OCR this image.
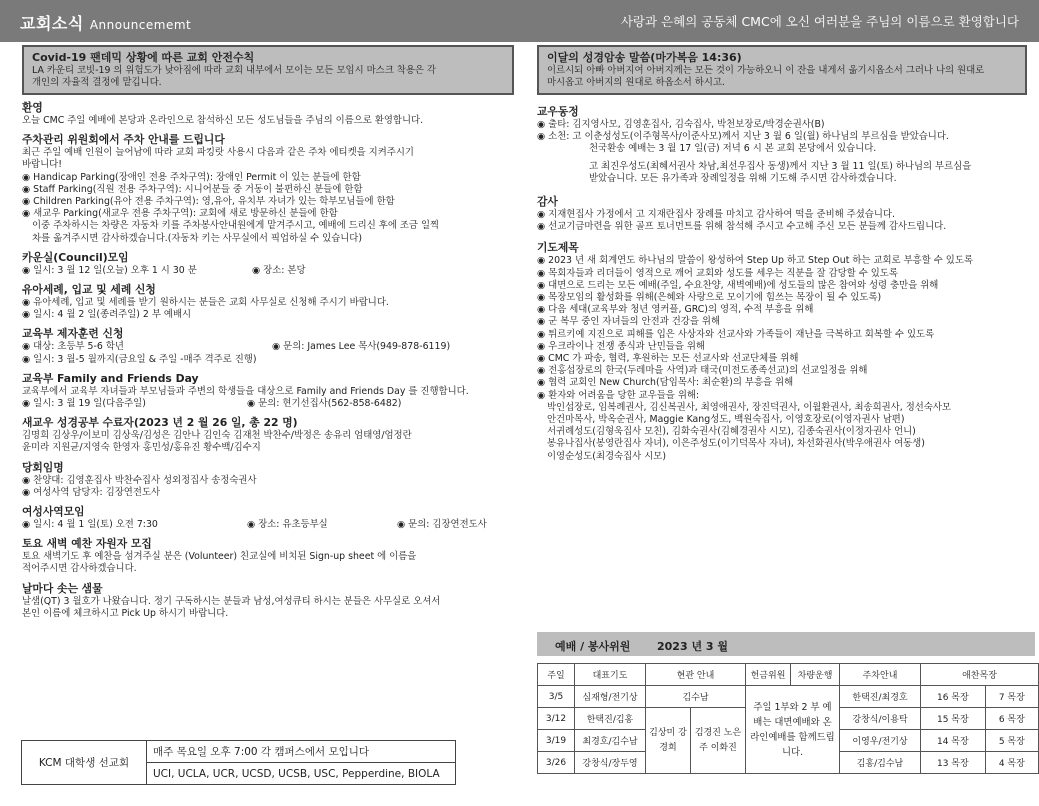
교회소식 Announcememt	사랑과 은혜의 공동체 CMC에 오신 여러분을 주님의 이름으로 환영합니다
Covid-19 팬데믹 상황에 따른 교회 안전수칙
LA 카운티 코빗-19 의 위험도가 낮아짐에 따라 교회 내부에서 모이는 모든 모임시 마스크 착용은 각
개인의 자율적 결정에 맡깁니다.
환영
오늘 CMC 주일 예배에 본당과 온라인으로 참석하신 모든 성도님들을 주님의 이름으로 환영합니다.
주차관리 위원회에서 주차 안내를 드립니다
최근 주일 예배 인원이 늘어남에 따라 교회 파킹랏 사용시 다음과 같은 주차 에티켓을 지켜주시기
바랍니다!
◉ Handicap Parking(장애인 전용 주차구역): 장애인 Permit 이 있는 분들에 한함
◉ Staff Parking(직원 전용 주차구역): 시니어분들 중 거동이 불편하신 분들에 한함
◉ Children Parking(유아 전용 주차구역): 영,유아, 유치부 자녀가 있는 학부모님들에 한함
◉ 새교우 Parking(새교우 전용 주차구역): 교회에 새로 방문하신 분들에 한함
이중 주차하시는 차량은 자동차 키를 주차봉사안내원에게 맡겨주시고, 예배에 드리신 후에 조금 일찍
차를 옮겨주시면 감사하겠습니다.(자동차 키는 사무실에서 픽업하실 수 있습니다)
카운실(Council)모임
◉ 일시: 3 월 12 일(오늘) 오후 1 시 30 분	◉ 장소: 본당
유아세례, 입교 및 세례 신청
◉ 유아세례, 입교 및 세례를 받기 원하시는 분들은 교회 사무실로 신청해 주시기 바랍니다.
◉ 일시: 4 월 2 일(종려주일) 2 부 예배시
교육부 제자훈련 신청
◉ 대상: 초등부 5-6 학년	◉ 문의: James Lee 목사(949-878-6119)
◉ 일시: 3 월-5 월까지(금요일 & 주일 -매주 격주로 진행)
교육부 Family and Friends Day
교육부에서 교육부 자녀들과 부모님들과 주변의 학생들을 대상으로 Family and Friends Day 를 진행합니다.
◉ 일시: 3 월 19 일(다음주일)	◉ 문의: 현기선집사(562-858-6482)
새교우 성경공부 수료자(2023 년 2 월 26 일, 총 22 명)
김명희 김상우/이보미 김상욱/김성은 김안나 김인숙 김재천 박찬수/박정은 송유리 엄태영/엄정란
윤미라 지원균/지영숙 한영자 홍민성/홍유진 황수백/김수지
당회임명
◉ 찬양대: 김영훈집사 박찬수집사 성외정집사 송정숙권사
◉ 여성사역 담당자: 김장연전도사
여성사역모임
◉ 일시: 4 월 1 일(토) 오전 7:30	◉ 장소: 유초등부실	◉ 문의: 김장연전도사
토요 새벽 예찬 자원자 모집
토요 새벽기도 후 예찬을 섬겨주실 분은 (Volunteer) 친교실에 비치된 Sign-up sheet 에 이름을
적어주시면 감사하겠습니다.
날마다 솟는 샘물
날샘(QT) 3 월호가 나왔습니다. 정기 구독하시는 분들과 남성,여성큐티 하시는 분들은 사무실로 오셔서
본인 이름에 체크하시고 Pick Up 하시기 바랍니다.
KCM 대학생 선교회	매주 목요일 오후 7:00 각 캠퍼스에서 모입니다
UCI, UCLA, UCR, UCSD, UCSB, USC, Pepperdine, BIOLA
이달의 성경암송 말씀(마가복음 14:36)
이르시되 아빠 아버지여 아버지께는 모든 것이 가능하오니 이 잔을 내게서 옮기시옵소서 그러나 나의 원대로
마시옵고 아버지의 원대로 하옵소서 하시고.
교우동정
◉ 출타: 김지영사모, 김영훈집사, 김숙집사, 박천보장로/박경순권사(B)
◉ 소천: 고 이춘성성도(이주형목사/이준사모)께서 지난 3 월 6 일(월) 하나님의 부르심을 받았습니다.
천국환송 예배는 3 월 17 일(금) 저녁 6 시 본 교회 본당에서 있습니다.
고 최진우성도(최혜서권사 차남,최선우집사 동생)께서 지난 3 월 11 일(토) 하나님의 부르심을
받았습니다. 모든 유가족과 장례일정을 위해 기도해 주시면 감사하겠습니다.
감사
◉ 지재현집사 가정에서 고 지재란집사 장례를 마치고 감사하여 떡을 준비해 주셨습니다.
◉ 선교기금마련을 위한 골프 토너먼트를 위해 참석해 주시고 수고해 주신 모든 분들께 감사드립니다.
기도제목
◉ 2023 년 새 회계연도 하나님의 말씀이 왕성하여 Step Up 하고 Step Out 하는 교회로 부흥할 수 있도록
◉ 목회자들과 리더들이 영적으로 깨어 교회와 성도를 세우는 직분을 잘 감당할 수 있도록
◉ 대면으로 드리는 모든 예배(주일, 수요찬양, 새벽예배)에 성도들의 많은 참여와 성령 충만을 위해
◉ 목장모임의 활성화를 위해(은혜와 사랑으로 모이기에 힘쓰는 목장이 될 수 있도록)
◉ 다음 세대(교육부와 청년 영커플, GRC)의 영적, 수적 부흥을 위해
◉ 군 복무 중인 자녀들의 안전과 건강을 위해
◉ 튀르키예 지진으로 피해를 입은 사상자와 선교사와 가족들이 재난을 극복하고 회복할 수 있도록
◉ 우크라이나 전쟁 종식과 난민들을 위해
◉ CMC 가 파송, 협력, 후원하는 모든 선교사와 선교단체를 위해
◉ 전홍섭장로의 한국(두레마을 사역)과 태국(미전도종족선교)의 선교일정을 위해
◉ 협력 교회인 New Church(담임목사: 최순환)의 부흥을 위해
◉ 환자와 어려움을 당한 교우들을 위해:
박인섭장로, 임복례권사, 김신복권사, 최영애권사, 장진덕권사, 이월환권사, 최송희권사, 정선숙사모
안건마목사, 박옥순권사, Maggie Kang성도, 백원숙집사, 이영호장로(이영자권사 남편)
서귀례성도(김형욱집사 모친), 김화숙권사(김혜경권사 시모), 김종숙권사(이정자권사 언니)
봉유나집사(봉영란집사 자녀), 이은주성도(이기덕목사 자녀), 차선화권사(박우애권사 여동생)
이영순성도(최경숙집사 시모)
예배 / 봉사위원 2023 년 3 월
주일	대표기도	현관 안내		헌금위원	차량운행	주차안내	애찬목장	
3/5	심재형/전기상	김수남		주일 1부와 2 부 예배는 대면예배와 온라인예배를 함께드립니다.		한택진/최경호	16 목장	7 목장
3/12	한택진/김홍	김상미 강경희	김경진 노은주 이화진			강창식/이용탁	15 목장	6 목장
3/19	최경호/김수남					이영우/전기상	14 목장	5 목장
3/26	강창식/장두영					김홍/김수남	13 목장	4 목장
